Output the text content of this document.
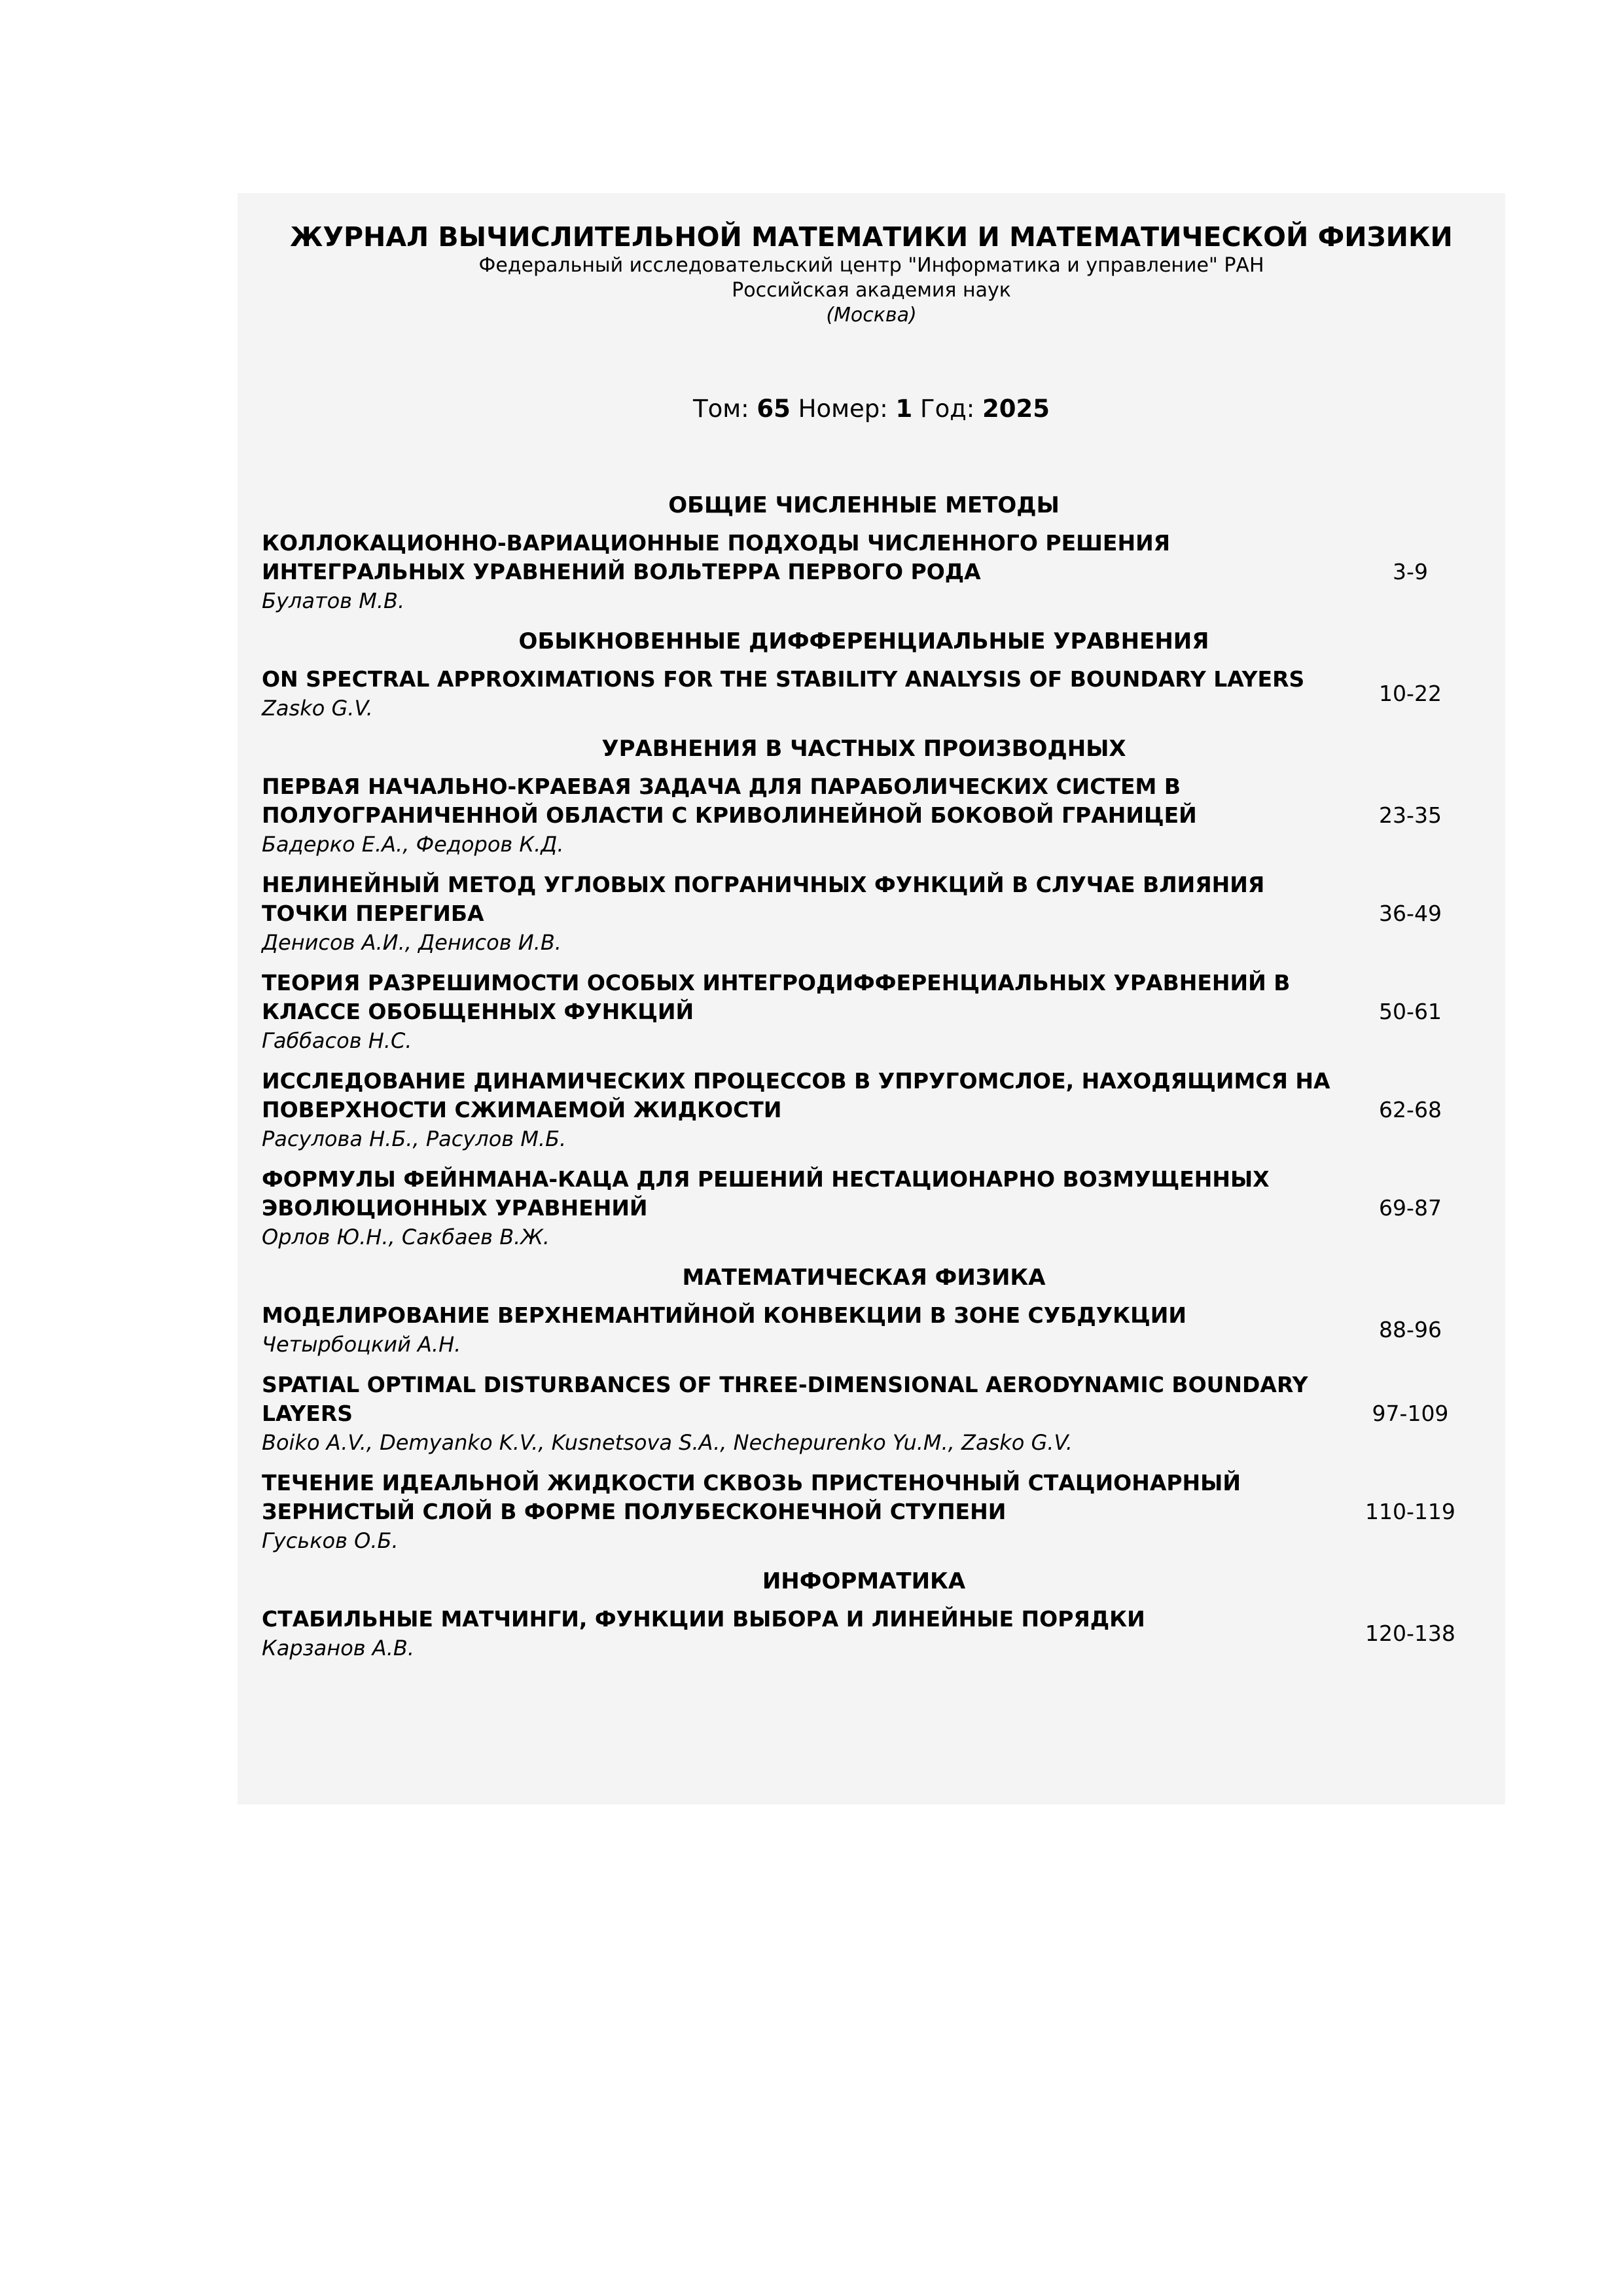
ЖУРНАЛ ВЫЧИСЛИТЕЛЬНОЙ МАТЕМАТИКИ И МАТЕМАТИЧЕСКОЙ ФИЗИКИ

Федеральный исследовательский центр "Информатика и управление" РАН

Российская академия наук

(Москва)

Том: 65 Номер: 1 Год: 2025

ОБЩИЕ ЧИСЛЕННЫЕ МЕТОДЫ

КОЛЛОКАЦИОННО-ВАРИАЦИОННЫЕ ПОДХОДЫ ЧИСЛЕННОГО РЕШЕНИЯ ИНТЕГРАЛЬНЫХ УРАВНЕНИЙ ВОЛЬТЕРРА ПЕРВОГО РОДА

Булатов М.В.

3-9

ОБЫКНОВЕННЫЕ ДИФФЕРЕНЦИАЛЬНЫЕ УРАВНЕНИЯ

ON SPECTRAL APPROXIMATIONS FOR THE STABILITY ANALYSIS OF BOUNDARY LAYERS

Zasko G.V.

10-22

УРАВНЕНИЯ В ЧАСТНЫХ ПРОИЗВОДНЫХ

ПЕРВАЯ НАЧАЛЬНО-КРАЕВАЯ ЗАДАЧА ДЛЯ ПАРАБОЛИЧЕСКИХ СИСТЕМ В ПОЛУОГРАНИЧЕННОЙ ОБЛАСТИ С КРИВОЛИНЕЙНОЙ БОКОВОЙ ГРАНИЦЕЙ

Бадерко Е.А., Федоров К.Д.

23-35

НЕЛИНЕЙНЫЙ МЕТОД УГЛОВЫХ ПОГРАНИЧНЫХ ФУНКЦИЙ В СЛУЧАЕ ВЛИЯНИЯ ТОЧКИ ПЕРЕГИБА

Денисов А.И., Денисов И.В.

36-49

ТЕОРИЯ РАЗРЕШИМОСТИ ОСОБЫХ ИНТЕГРОДИФФЕРЕНЦИАЛЬНЫХ УРАВНЕНИЙ В КЛАССЕ ОБОБЩЕННЫХ ФУНКЦИЙ

Габбасов Н.С.

50-61

ИССЛЕДОВАНИЕ ДИНАМИЧЕСКИХ ПРОЦЕССОВ В УПРУГОМСЛОЕ, НАХОДЯЩИМСЯ НА ПОВЕРХНОСТИ СЖИМАЕМОЙ ЖИДКОСТИ

Расулова Н.Б., Расулов М.Б.

62-68

ФОРМУЛЫ ФЕЙНМАНА-КАЦА ДЛЯ РЕШЕНИЙ НЕСТАЦИОНАРНО ВОЗМУЩЕННЫХ ЭВОЛЮЦИОННЫХ УРАВНЕНИЙ

Орлов Ю.Н., Сакбаев В.Ж.

69-87

МАТЕМАТИЧЕСКАЯ ФИЗИКА

МОДЕЛИРОВАНИЕ ВЕРХНЕМАНТИЙНОЙ КОНВЕКЦИИ В ЗОНЕ СУБДУКЦИИ

Четырбоцкий А.Н.

88-96

SPATIAL OPTIMAL DISTURBANCES OF THREE-DIMENSIONAL AERODYNAMIC BOUNDARY LAYERS

Boiko A.V., Demyanko K.V., Kusnetsova S.A., Nechepurenko Yu.M., Zasko G.V.

97-109

ТЕЧЕНИЕ ИДЕАЛЬНОЙ ЖИДКОСТИ СКВОЗЬ ПРИСТЕНОЧНЫЙ СТАЦИОНАРНЫЙ ЗЕРНИСТЫЙ СЛОЙ В ФОРМЕ ПОЛУБЕСКОНЕЧНОЙ СТУПЕНИ

Гуськов О.Б.

110-119

ИНФОРМАТИКА

СТАБИЛЬНЫЕ МАТЧИНГИ, ФУНКЦИИ ВЫБОРА И ЛИНЕЙНЫЕ ПОРЯДКИ

Карзанов А.В.

120-138
